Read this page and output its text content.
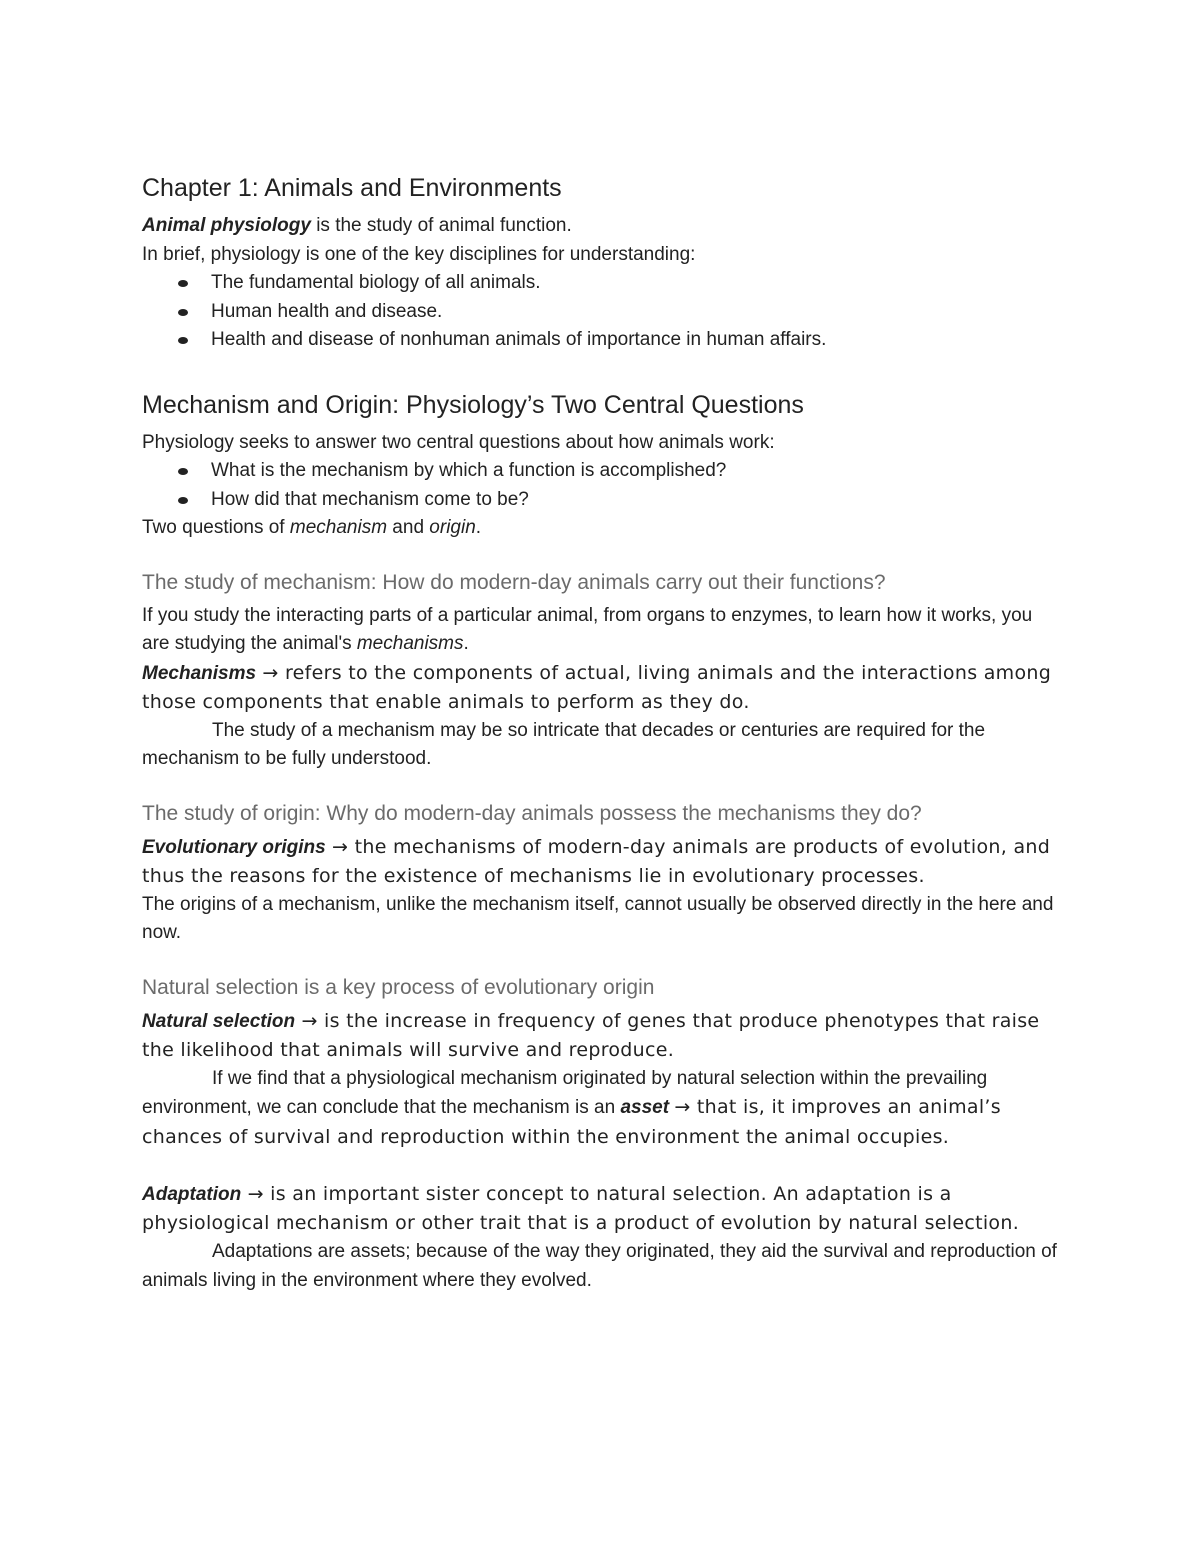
Chapter 1: Animals and Environments

Animal physiology is the study of animal function.

In brief, physiology is one of the key disciplines for understanding:

The fundamental biology of all animals.
Human health and disease.
Health and disease of nonhuman animals of importance in human affairs.

Mechanism and Origin: Physiology’s Two Central Questions

Physiology seeks to answer two central questions about how animals work:

What is the mechanism by which a function is accomplished?
How did that mechanism come to be?

Two questions of mechanism and origin.

The study of mechanism: How do modern-day animals carry out their functions?

If you study the interacting parts of a particular animal, from organs to enzymes, to learn how it works, you are studying the animal's mechanisms.

Mechanisms → refers to the components of actual, living animals and the interactions among those components that enable animals to perform as they do.

The study of a mechanism may be so intricate that decades or centuries are required for the mechanism to be fully understood.

The study of origin: Why do modern-day animals possess the mechanisms they do?

Evolutionary origins → the mechanisms of modern-day animals are products of evolution, and thus the reasons for the existence of mechanisms lie in evolutionary processes.

The origins of a mechanism, unlike the mechanism itself, cannot usually be observed directly in the here and now.

Natural selection is a key process of evolutionary origin

Natural selection → is the increase in frequency of genes that produce phenotypes that raise the likelihood that animals will survive and reproduce.

If we find that a physiological mechanism originated by natural selection within the prevailing environment, we can conclude that the mechanism is an asset → that is, it improves an animal’s chances of survival and reproduction within the environment the animal occupies.

Adaptation → is an important sister concept to natural selection. An adaptation is a physiological mechanism or other trait that is a product of evolution by natural selection.

Adaptations are assets; because of the way they originated, they aid the survival and reproduction of animals living in the environment where they evolved.
